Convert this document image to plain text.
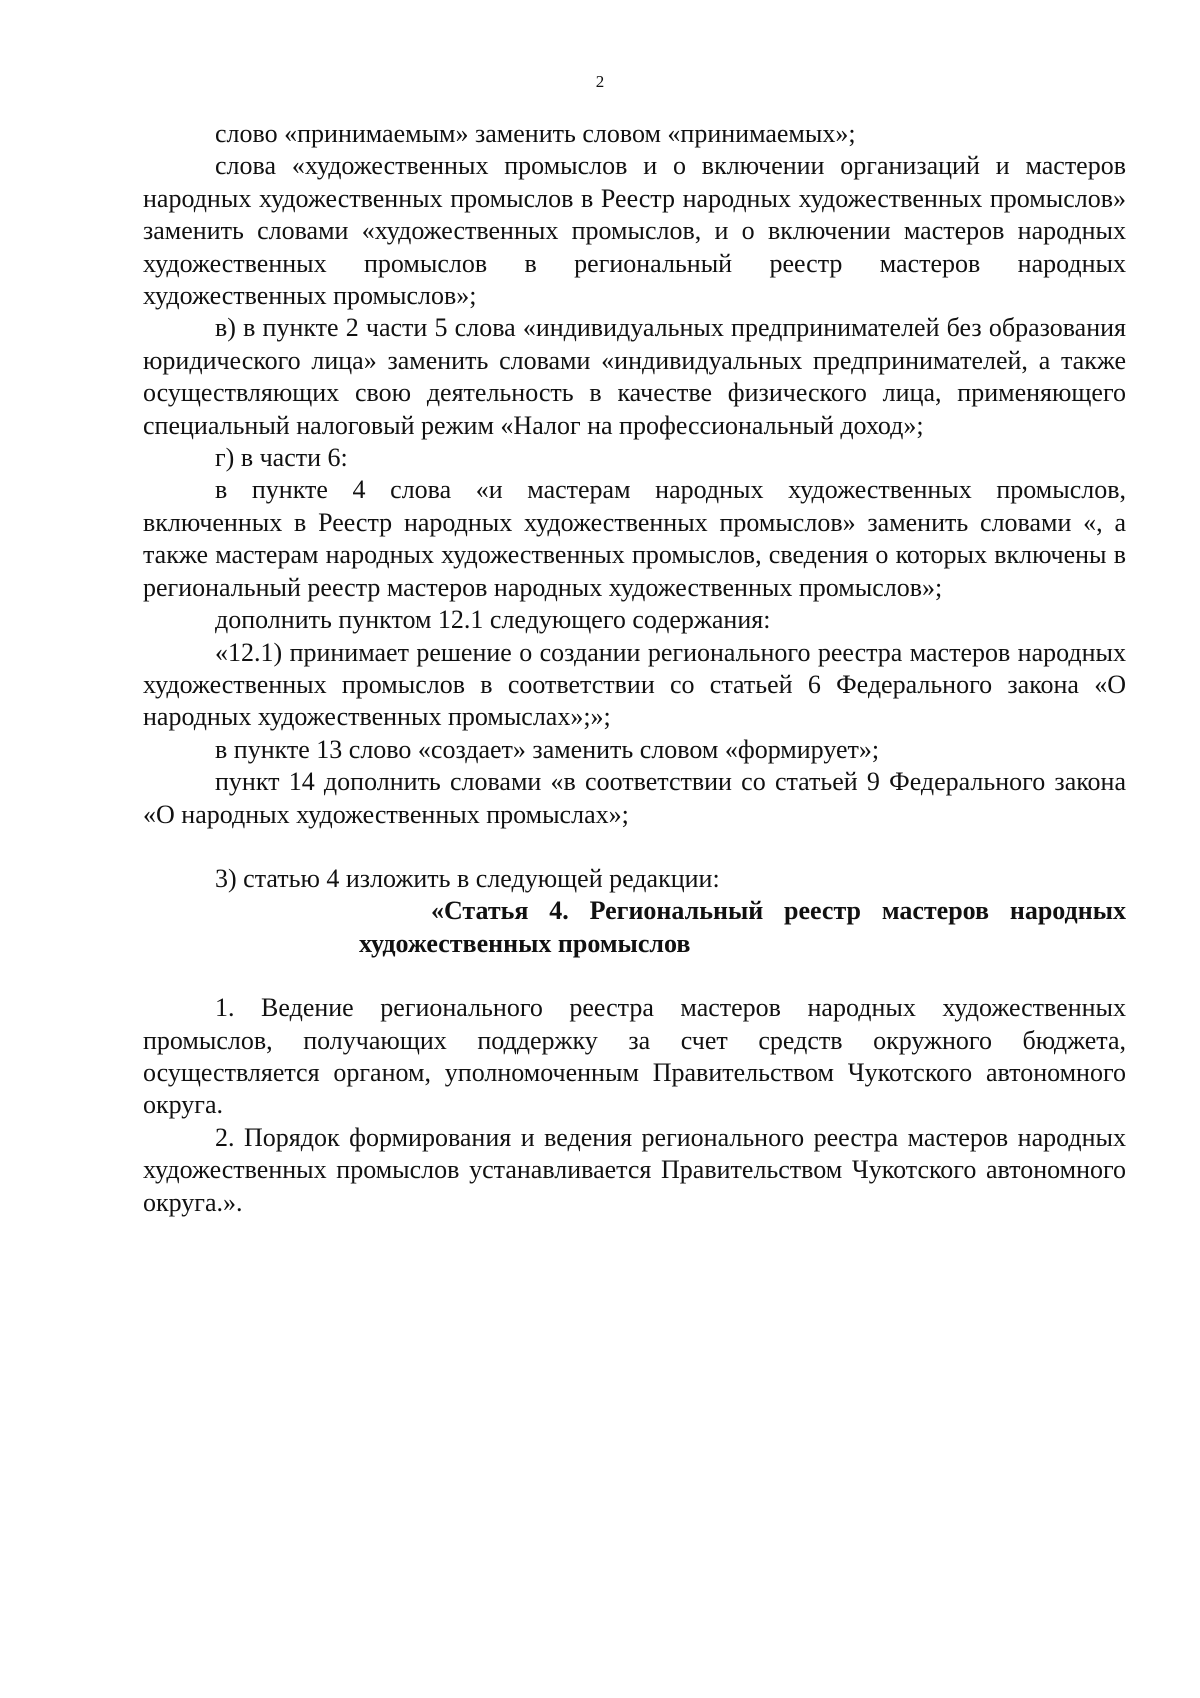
2

слово «принимаемым» заменить словом «принимаемых»;

слова «художественных промыслов и о включении организаций и мастеров народных художественных промыслов в Реестр народных художественных промыслов» заменить словами «художественных промыслов, и о включении мастеров народных художественных промыслов в региональный реестр мастеров народных художественных промыслов»;

в) в пункте 2 части 5 слова «индивидуальных предпринимателей без образования юридического лица» заменить словами «индивидуальных предпринимателей, а также осуществляющих свою деятельность в качестве физического лица, применяющего специальный налоговый режим «Налог на профессиональный доход»;

г) в части 6:

в пункте 4 слова «и мастерам народных художественных промыслов, включенных в Реестр народных художественных промыслов» заменить словами «, а также мастерам народных художественных промыслов, сведения о которых включены в региональный реестр мастеров народных художественных промыслов»;

дополнить пунктом 12.1 следующего содержания:

«12.1) принимает решение о создании регионального реестра мастеров народных художественных промыслов в соответствии со статьей 6 Федерального закона «О народных художественных промыслах»;»;

в пункте 13 слово «создает» заменить словом «формирует»;

пункт 14 дополнить словами «в соответствии со статьей 9 Федерального закона «О народных художественных промыслах»;

3) статью 4 изложить в следующей редакции:

«Статья 4. Региональный реестр мастеров народных художественных промыслов

1. Ведение регионального реестра мастеров народных художественных промыслов, получающих поддержку за счет средств окружного бюджета, осуществляется органом, уполномоченным Правительством Чукотского автономного округа.

2. Порядок формирования и ведения регионального реестра мастеров народных художественных промыслов устанавливается Правительством Чукотского автономного округа.».
